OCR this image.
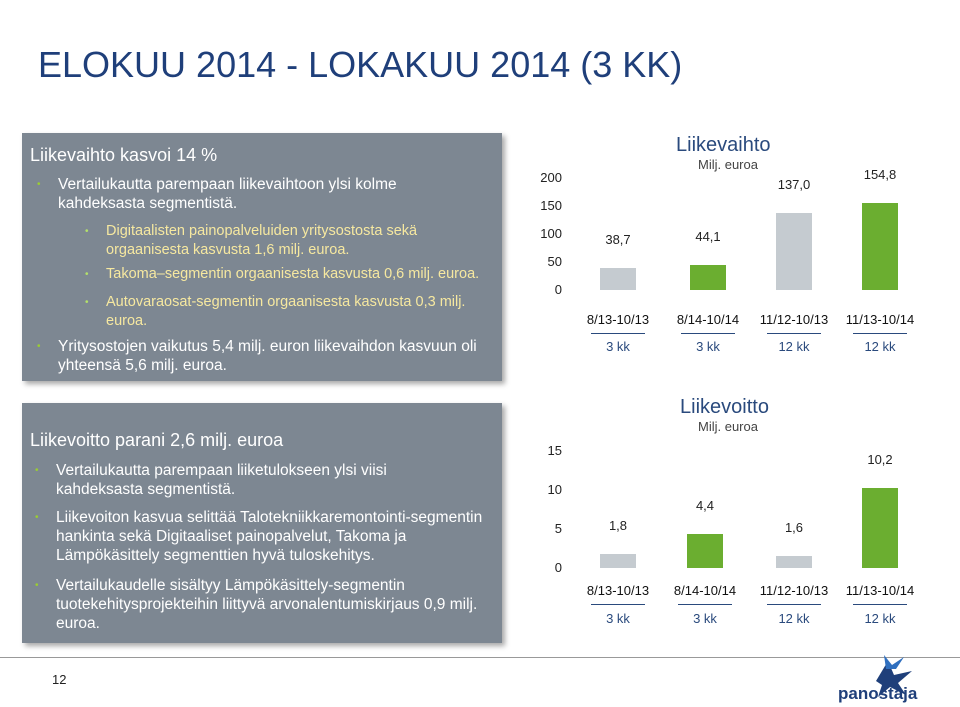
ELOKUU 2014 - LOKAKUU 2014 (3 KK)
Liikevaihto kasvoi 14 %
• Vertailukautta parempaan liikevaihtoon ylsi kolme kahdeksasta segmentistä.
• Digitaalisten painopalveluiden yritysostosta sekä orgaanisesta kasvusta 1,6 milj. euroa.
• Takoma–segmentin orgaanisesta kasvusta 0,6 milj. euroa.
• Autovaraosat-segmentin orgaanisesta kasvusta 0,3 milj. euroa.
• Yritysostojen vaikutus 5,4 milj. euron liikevaihdon kasvuun oli yhteensä 5,6 milj. euroa.
Liikevoitto parani 2,6 milj. euroa
• Vertailukautta parempaan liiketulokseen ylsi viisi kahdeksasta segmentistä.
• Liikevoiton kasvua selittää Talotekniikkaremontointi-segmentin hankinta sekä Digitaaliset painopalvelut, Takoma ja Lämpökäsittely segmenttien hyvä tuloskehitys.
• Vertailukaudelle sisältyy Lämpökäsittely-segmentin tuotekehitysprojekteihin liittyvä arvonalentumiskirjaus 0,9 milj. euroa.
Liikevaihto
Milj. euroa
200
150
100
50
0
38,7
8/13-10/13
3 kk
44,1
8/14-10/14
3 kk
137,0
11/12-10/13
12 kk
154,8
11/13-10/14
12 kk
Liikevoitto
Milj. euroa
15
10
5
0
1,8
8/13-10/13
3 kk
4,4
8/14-10/14
3 kk
1,6
11/12-10/13
12 kk
10,2
11/13-10/14
12 kk
12
panostaja
